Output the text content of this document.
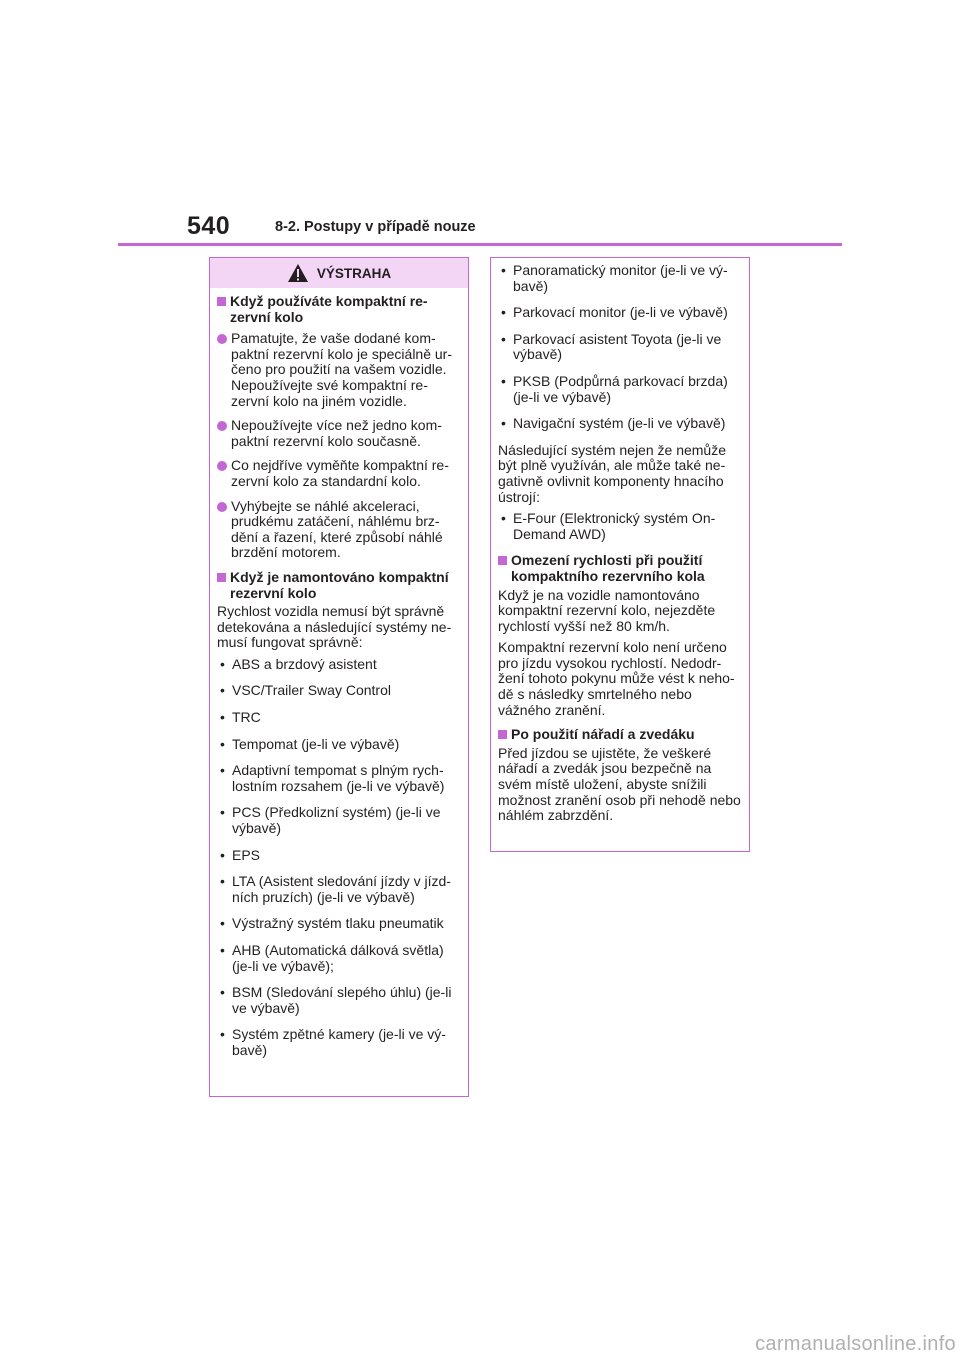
540	8-2. Postupy v případě nouze
VÝSTRAHA
Když používáte kompaktní re-zervní kolo
Pamatujte, že vaše dodané kom-paktní rezervní kolo je speciálně ur-čeno pro použití na vašem vozidle. Nepoužívejte své kompaktní re-zervní kolo na jiném vozidle.
Nepoužívejte více než jedno kom-paktní rezervní kolo současně.
Co nejdříve vyměňte kompaktní re-zervní kolo za standardní kolo.
Vyhýbejte se náhlé akceleraci, prudkému zatáčení, náhlému brz-dění a řazení, které způsobí náhlé brzdění motorem.
Když je namontováno kompaktní rezervní kolo

Rychlost vozidla nemusí být správně detekována a následující systémy ne-musí fungovat správně:

• ABS a brzdový asistent
• VSC/Trailer Sway Control
• TRC
• Tempomat (je-li ve výbavě)
• Adaptivní tempomat s plným rych-lostním rozsahem (je-li ve výbavě)
• PCS (Předkolizní systém) (je-li ve výbavě)
• EPS
• LTA (Asistent sledování jízdy v jízd-ních pruzích) (je-li ve výbavě)
• Výstražný systém tlaku pneumatik
• AHB (Automatická dálková světla) (je-li ve výbavě);
• BSM (Sledování slepého úhlu) (je-li ve výbavě)
• Systém zpětné kamery (je-li ve vý-bavě)
• Panoramatický monitor (je-li ve vý-bavě)
• Parkovací monitor (je-li ve výbavě)
• Parkovací asistent Toyota (je-li ve výbavě)
• PKSB (Podpůrná parkovací brzda) (je-li ve výbavě)
• Navigační systém (je-li ve výbavě)

Následující systém nejen že nemůže být plně využíván, ale může také ne-gativně ovlivnit komponenty hnacího ústrojí:

• E-Four (Elektronický systém On-Demand AWD)
Omezení rychlosti při použití kompaktního rezervního kola

Když je na vozidle namontováno kompaktní rezervní kolo, nejezděte rychlostí vyšší než 80 km/h.

Kompaktní rezervní kolo není určeno pro jízdu vysokou rychlostí. Nedodr-žení tohoto pokynu může vést k neho-dě s následky smrtelného nebo vážného zranění.

Po použití nářadí a zvedáku

Před jízdou se ujistěte, že veškeré nářadí a zvedák jsou bezpečně na svém místě uložení, abyste snížili možnost zranění osob při nehodě nebo náhlém zabrzdění.

carmanualsonline.info
